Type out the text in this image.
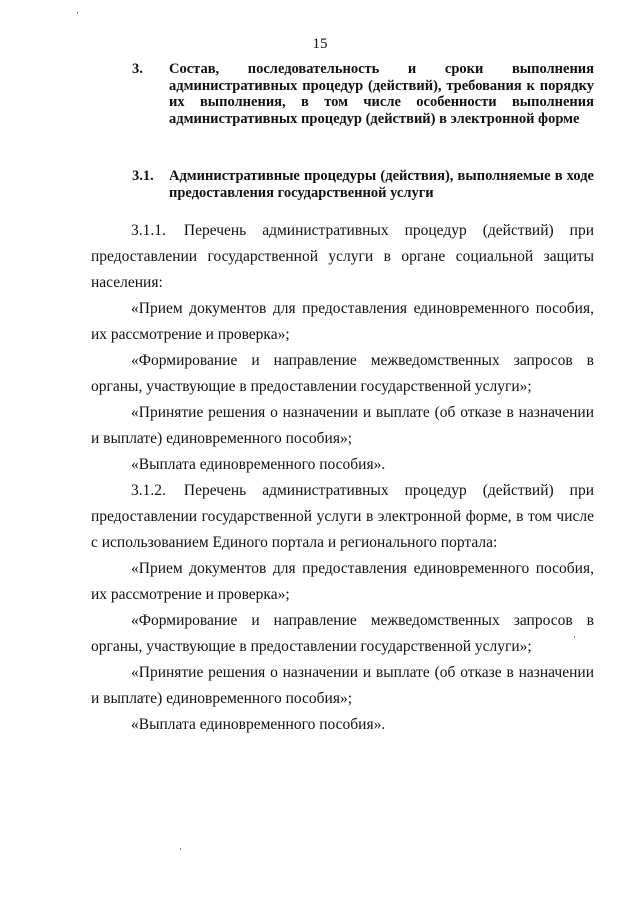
15
3. Состав, последовательность и сроки выполнения административных процедур (действий), требования к порядку их выполнения, в том числе особенности выполнения административных процедур (действий) в электронной форме
3.1. Административные процедуры (действия), выполняемые в ходе предоставления государственной услуги

3.1.1. Перечень административных процедур (действий) при предоставлении государственной услуги в органе социальной защиты населения:

«Прием документов для предоставления единовременного пособия, их рассмотрение и проверка»;

«Формирование и направление межведомственных запросов в органы, участвующие в предоставлении государственной услуги»;

«Принятие решения о назначении и выплате (об отказе в назначении и выплате) единовременного пособия»;

«Выплата единовременного пособия».

3.1.2. Перечень административных процедур (действий) при предоставлении государственной услуги в электронной форме, в том числе с использованием Единого портала и регионального портала:

«Прием документов для предоставления единовременного пособия, их рассмотрение и проверка»;

«Формирование и направление межведомственных запросов в органы, участвующие в предоставлении государственной услуги»;

«Принятие решения о назначении и выплате (об отказе в назначении и выплате) единовременного пособия»;

«Выплата единовременного пособия».
